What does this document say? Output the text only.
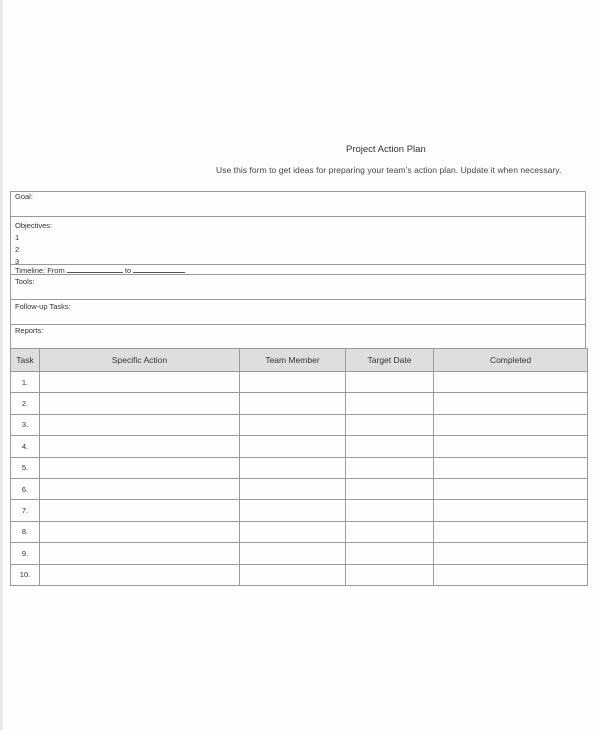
Project Action Plan
Use this form to get ideas for preparing your team’s action plan. Update it when necessary.
Goal:
Objectives:
1
2
3
Timeline: From	to
Tools:
Follow-up Tasks:
Reports:
Task	Specific Action	Team Member	Target Date	Completed
1.				
2.				
3.				
4.				
5.				
6.				
7.				
8.				
9.				
10.				
